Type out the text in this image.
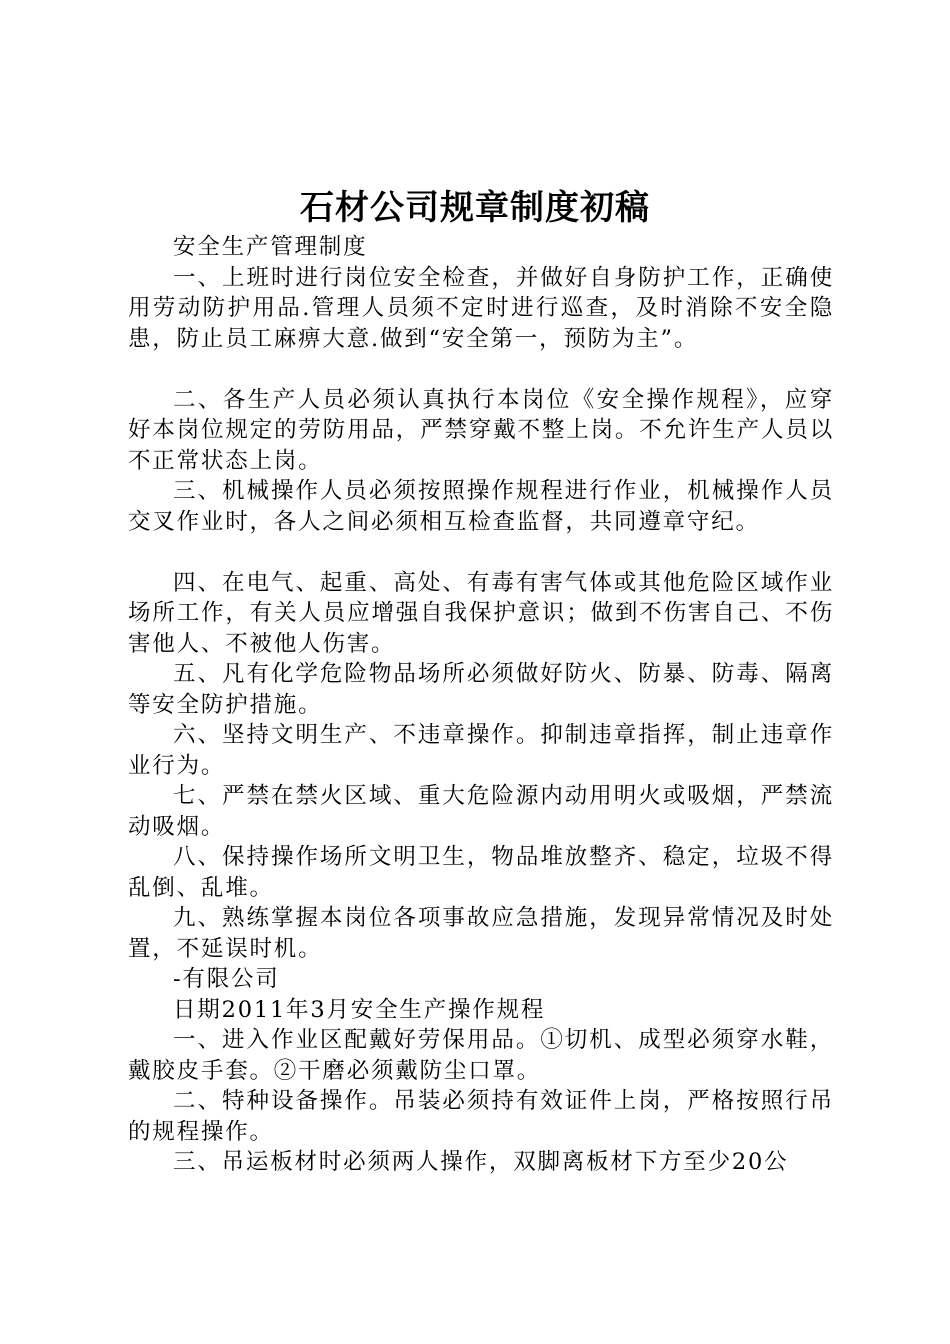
石材公司规章制度初稿

安全生产管理制度

一、上班时进行岗位安全检查，并做好自身防护工作，正确使用劳动防护用品.管理人员须不定时进行巡查，及时消除不安全隐患，防止员工麻痹大意.做到“安全第一，预防为主”。

二、各生产人员必须认真执行本岗位《安全操作规程》，应穿好本岗位规定的劳防用品，严禁穿戴不整上岗。不允许生产人员以不正常状态上岗。

三、机械操作人员必须按照操作规程进行作业，机械操作人员交叉作业时，各人之间必须相互检查监督，共同遵章守纪。

四、在电气、起重、高处、有毒有害气体或其他危险区域作业场所工作，有关人员应增强自我保护意识；做到不伤害自己、不伤害他人、不被他人伤害。

五、凡有化学危险物品场所必须做好防火、防暴、防毒、隔离等安全防护措施。

六、坚持文明生产、不违章操作。抑制违章指挥，制止违章作业行为。

七、严禁在禁火区域、重大危险源内动用明火或吸烟，严禁流动吸烟。

八、保持操作场所文明卫生，物品堆放整齐、稳定，垃圾不得乱倒、乱堆。

九、熟练掌握本岗位各项事故应急措施，发现异常情况及时处置，不延误时机。

-有限公司

日期2011年3月安全生产操作规程

一、进入作业区配戴好劳保用品。①切机、成型必须穿水鞋，戴胶皮手套。②干磨必须戴防尘口罩。

二、特种设备操作。吊装必须持有效证件上岗，严格按照行吊的规程操作。

三、吊运板材时必须两人操作，双脚离板材下方至少20公
